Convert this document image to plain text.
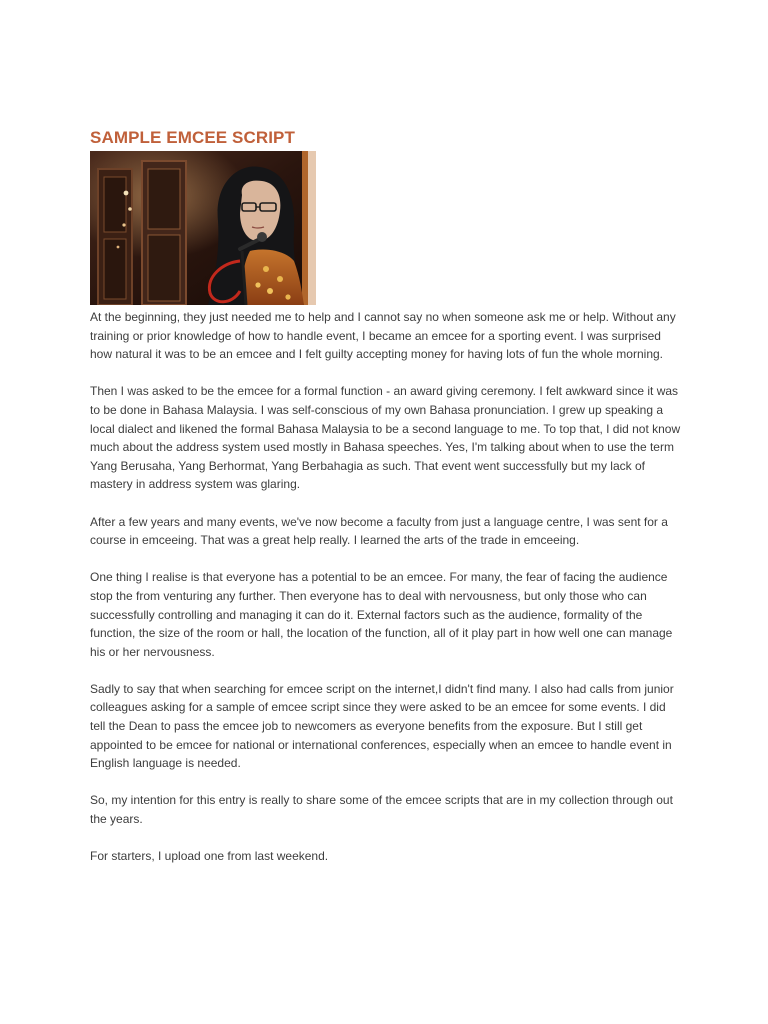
SAMPLE EMCEE SCRIPT

At the beginning, they just needed me to help and I cannot say no when someone ask me or help. Without any training or prior knowledge of how to handle event, I became an emcee for a sporting event. I was surprised how natural it was to be an emcee and I felt guilty accepting money for having lots of fun the whole morning.

Then I was asked to be the emcee for a formal function - an award giving ceremony. I felt awkward since it was to be done in Bahasa Malaysia. I was self-conscious of my own Bahasa pronunciation. I grew up speaking a local dialect and likened the formal Bahasa Malaysia to be a second language to me. To top that, I did not know much about the address system used mostly in Bahasa speeches. Yes, I'm talking about when to use the term Yang Berusaha, Yang Berhormat, Yang Berbahagia as such. That event went successfully but my lack of mastery in address system was glaring.

After a few years and many events, we've now become a faculty from just a language centre, I was sent for a course in emceeing. That was a great help really. I learned the arts of the trade in emceeing.

One thing I realise is that everyone has a potential to be an emcee. For many, the fear of facing the audience stop the from venturing any further. Then everyone has to deal with nervousness, but only those who can successfully controlling and managing it can do it. External factors such as the audience, formality of the function, the size of the room or hall, the location of the function, all of it play part in how well one can manage his or her nervousness.

Sadly to say that when searching for emcee script on the internet,I didn't find many. I also had calls from junior colleagues asking for a sample of emcee script since they were asked to be an emcee for some events. I did tell the Dean to pass the emcee job to newcomers as everyone benefits from the exposure. But I still get appointed to be emcee for national or international conferences, especially when an emcee to handle event in English language is needed.

So, my intention for this entry is really to share some of the emcee scripts that are in my collection through out the years.

For starters, I upload one from last weekend.
